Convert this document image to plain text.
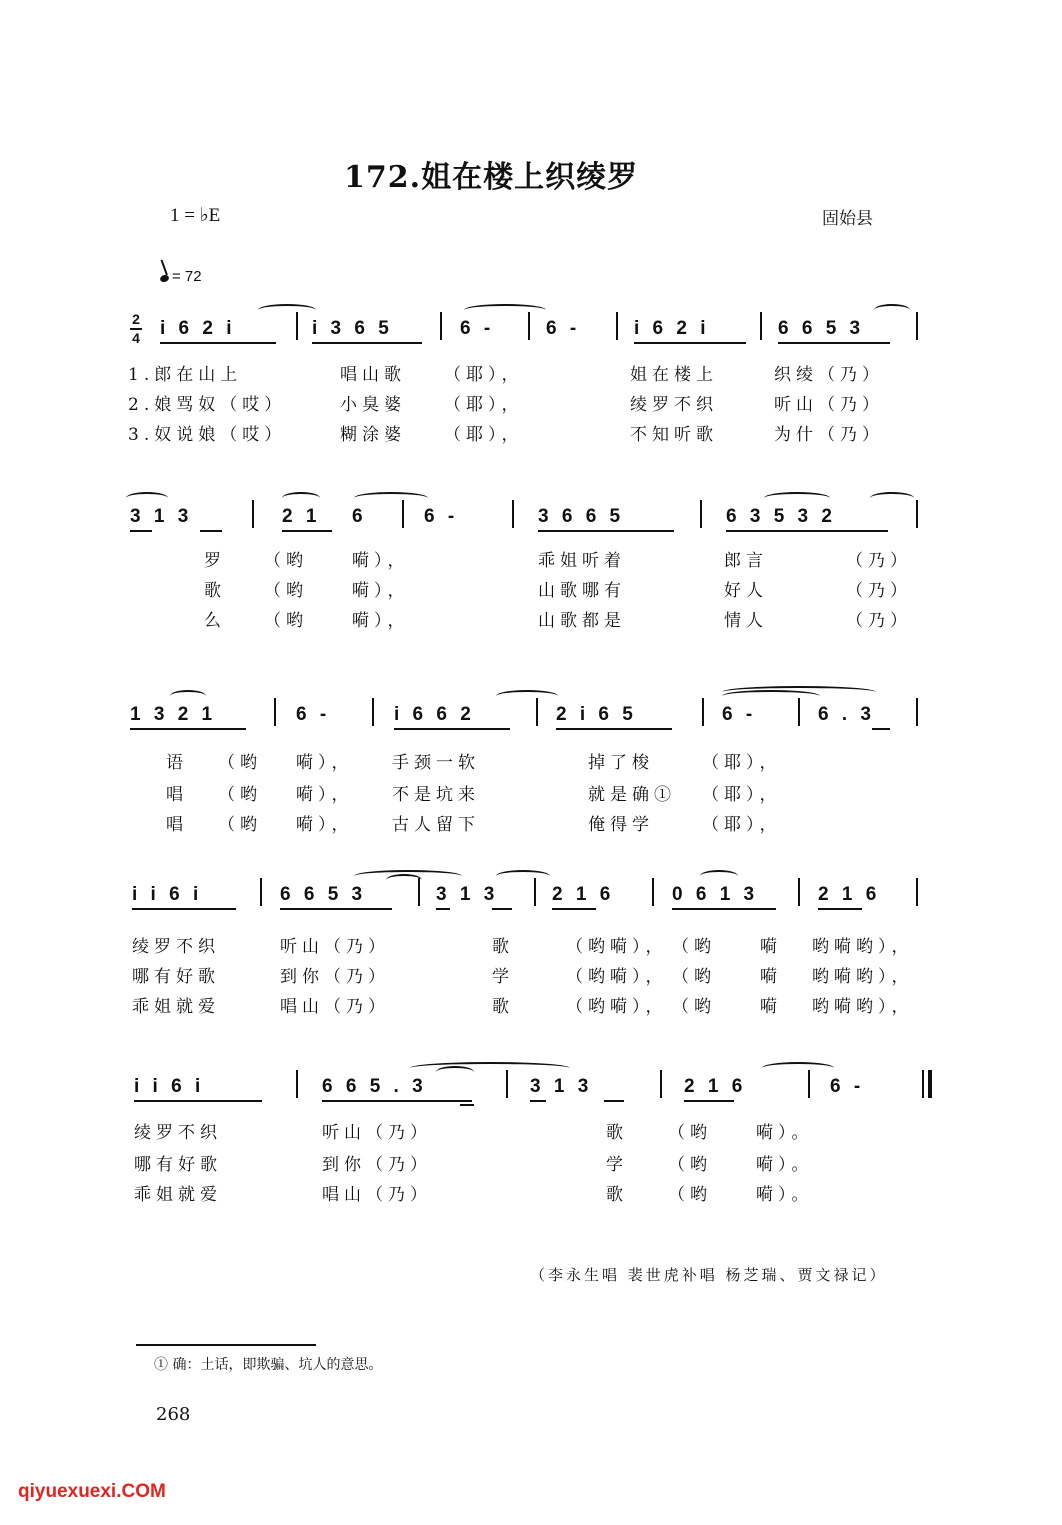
172.姐在楼上织绫罗
1 = ♭E	固始县
= 72
2
4 i 6 2 i	i 3 6 5	6 -	6 -	i 6 2 i	6 6 5 3
1.郎在山上	唱山歌 （耶），	姐在楼上	织绫（乃）
2.娘骂奴（哎）	小臭婆 （耶），	绫罗不织	听山（乃）
3.奴说娘（哎）	糊涂婆 （耶），	不知听歌	为什（乃）
3 1 3	2 1 6	6 -	3 6 6 5	6 3 5 3 2
罗 （哟	嗬），	乖姐听着	郎言	（乃）
歌 （哟	嗬），	山歌哪有	好人	（乃）
么 （哟	嗬），	山歌都是	情人	（乃）
1 3 2 1	6 -	i 6 6 2	2 i 6 5	6 -	6 . 3
语 （哟 嗬）， 手颈一软	掉了梭	（耶），
唱 （哟 嗬）， 不是坑来	就是确① （耶），
唱 （哟 嗬）， 古人留下	俺得学	（耶），
i i 6 i	6 6 5 3	3 1 3	2 1 6	0 6 1 3	2 1 6
绫罗不织	听山（乃）	歌	（哟嗬）， （哟	嗬 哟嗬哟），
哪有好歌	到你（乃）	学	（哟嗬）， （哟	嗬 哟嗬哟），
乖姐就爱	唱山（乃）	歌	（哟嗬）， （哟	嗬 哟嗬哟），
i i 6 i	6 6 5 . 3	3 1 3	2 1 6	6 -
绫罗不织	听山（乃）	歌 （哟	嗬）。
哪有好歌	到你（乃）	学 （哟	嗬）。
乖姐就爱	唱山（乃）	歌 （哟	嗬）。
（李永生唱 裴世虎补唱 杨芝瑞、贾文禄记）
① 确：土话，即欺骗、坑人的意思。
268
qiyuexuexi.COM
